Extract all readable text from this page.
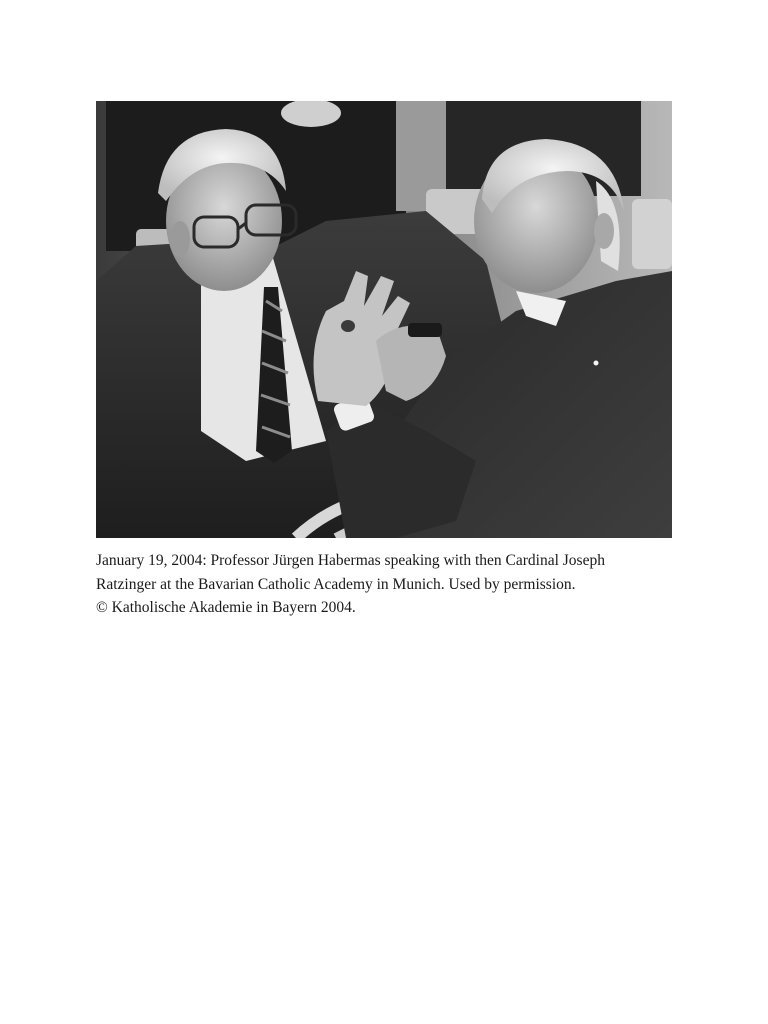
January 19, 2004: Professor Jürgen Habermas speaking with then Cardinal Joseph
Ratzinger at the Bavarian Catholic Academy in Munich. Used by permission.
© Katholische Akademie in Bayern 2004.
